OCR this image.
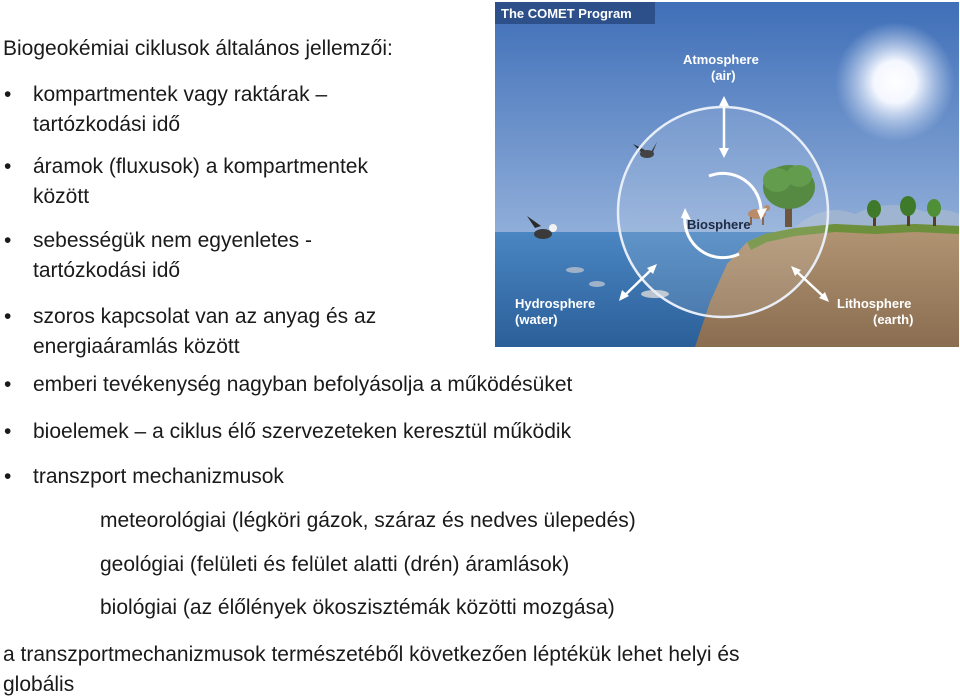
Biogeokémiai ciklusok általános jellemzői:
• kompartmentek vagy raktárak –
tartózkodási idő
• áramok (fluxusok) a kompartmentek
között
• sebességük nem egyenletes -
tartózkodási idő
• szoros kapcsolat van az anyag és az
energiaáramlás között
• emberi tevékenység nagyban befolyásolja a működésüket
• bioelemek – a ciklus élő szervezeteken keresztül működik
• transzport mechanizmusok
meteorológiai (légköri gázok, száraz és nedves ülepedés)
geológiai (felületi és felület alatti (drén) áramlások)
biológiai (az élőlények ökoszisztémák közötti mozgása)
a transzportmechanizmusok természetéből következően léptékük lehet helyi és
globális
The COMET Program
Atmosphere
(air)
Biosphere
Hydrosphere
(water)
Lithosphere
(earth)
